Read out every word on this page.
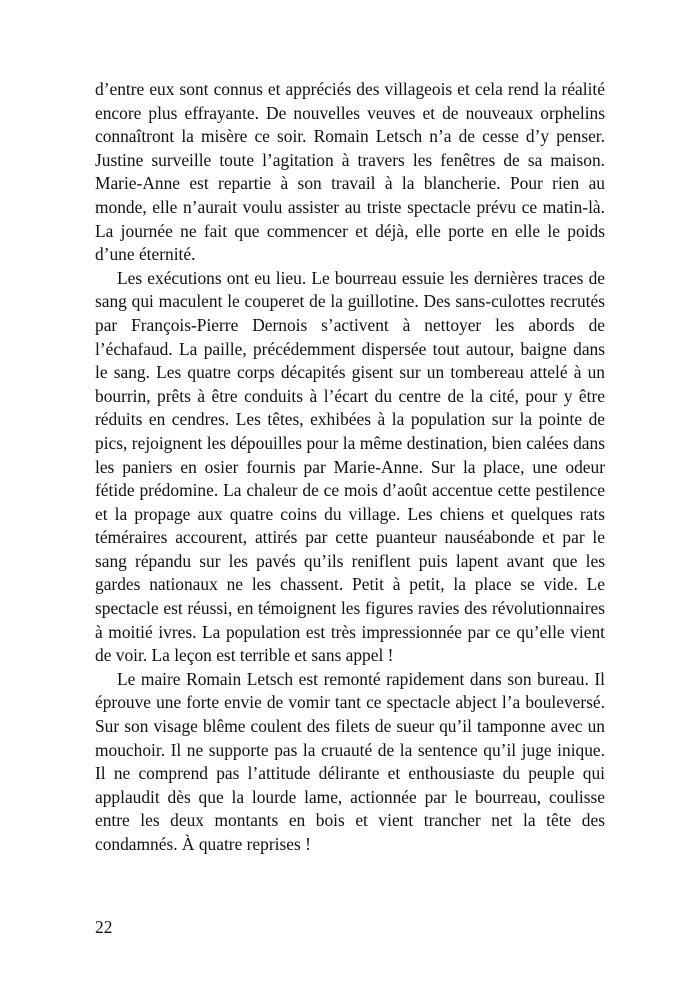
d’entre eux sont connus et appréciés des villageois et cela rend la réalité encore plus effrayante. De nouvelles veuves et de nouveaux orphelins connaîtront la misère ce soir. Romain Letsch n’a de cesse d’y penser. Justine surveille toute l’agitation à travers les fenêtres de sa maison. Marie-Anne est repartie à son travail à la blancherie. Pour rien au monde, elle n’aurait voulu assister au triste spectacle prévu ce matin-là. La journée ne fait que commencer et déjà, elle porte en elle le poids d’une éternité.

Les exécutions ont eu lieu. Le bourreau essuie les dernières traces de sang qui maculent le couperet de la guillotine. Des sans-culottes recrutés par François-Pierre Dernois s’activent à nettoyer les abords de l’échafaud. La paille, précédemment dispersée tout autour, baigne dans le sang. Les quatre corps décapités gisent sur un tombereau attelé à un bourrin, prêts à être conduits à l’écart du centre de la cité, pour y être réduits en cendres. Les têtes, exhibées à la population sur la pointe de pics, rejoignent les dépouilles pour la même destination, bien calées dans les paniers en osier fournis par Marie-Anne. Sur la place, une odeur fétide prédomine. La chaleur de ce mois d’août accentue cette pestilence et la propage aux quatre coins du village. Les chiens et quelques rats téméraires accourent, attirés par cette puanteur nauséabonde et par le sang répandu sur les pavés qu’ils reniflent puis lapent avant que les gardes nationaux ne les chassent. Petit à petit, la place se vide. Le spectacle est réussi, en témoignent les figures ravies des révolutionnaires à moitié ivres. La population est très impressionnée par ce qu’elle vient de voir. La leçon est terrible et sans appel !

Le maire Romain Letsch est remonté rapidement dans son bureau. Il éprouve une forte envie de vomir tant ce spectacle abject l’a bouleversé. Sur son visage blême coulent des filets de sueur qu’il tamponne avec un mouchoir. Il ne supporte pas la cruauté de la sentence qu’il juge inique. Il ne comprend pas l’attitude délirante et enthousiaste du peuple qui applaudit dès que la lourde lame, actionnée par le bourreau, coulisse entre les deux montants en bois et vient trancher net la tête des condamnés. À quatre reprises !

22
